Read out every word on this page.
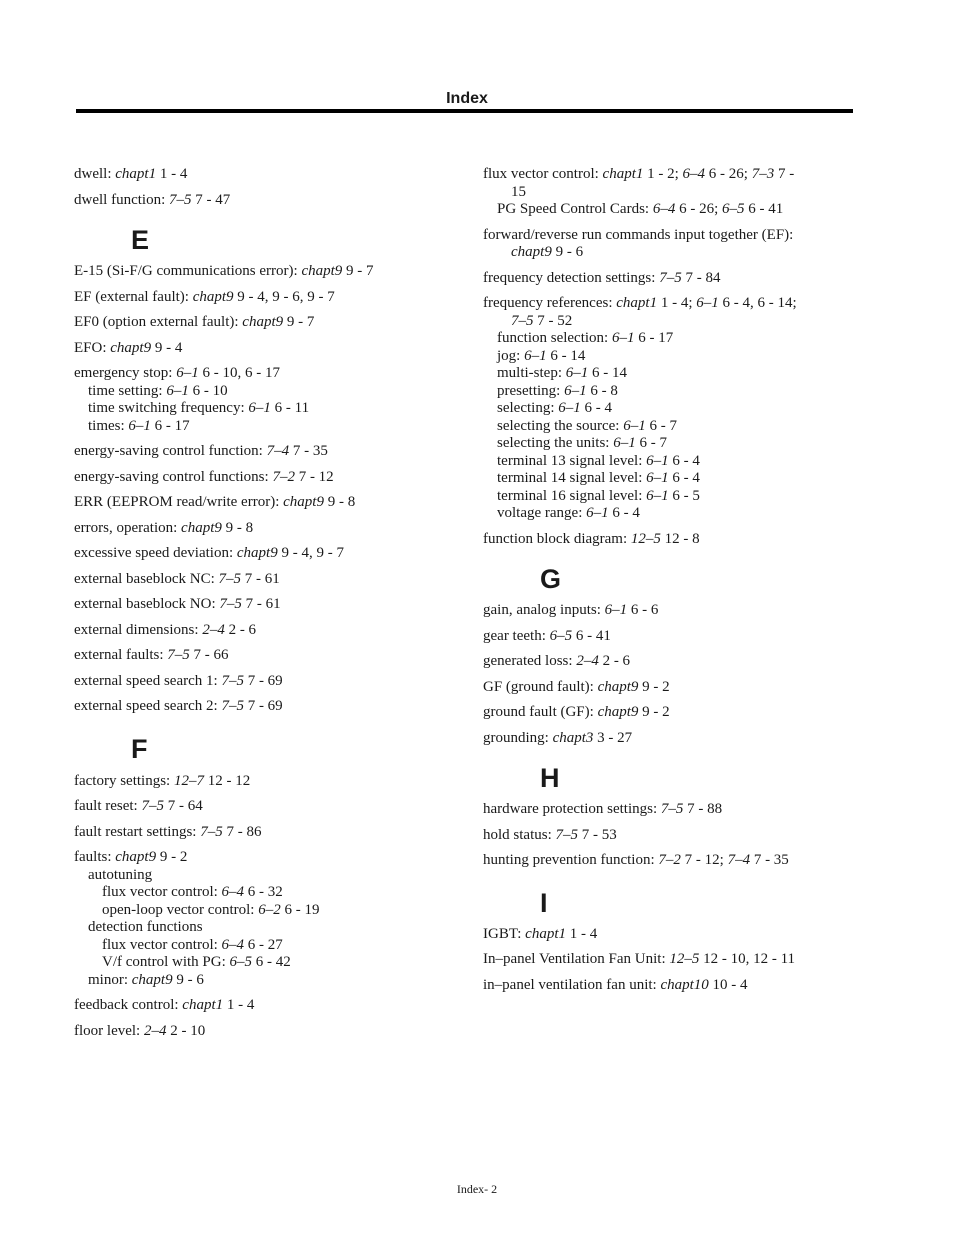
Index
dwell: chapt1 1 - 4
dwell function: 7–5 7 - 47
E
E-15 (Si-F/G communications error): chapt9 9 - 7
EF (external fault): chapt9 9 - 4, 9 - 6, 9 - 7
EF0 (option external fault): chapt9 9 - 7
EFO: chapt9 9 - 4
emergency stop: 6–1 6 - 10, 6 - 17
time setting: 6–1 6 - 10
time switching frequency: 6–1 6 - 11
times: 6–1 6 - 17
energy-saving control function: 7–4 7 - 35
energy-saving control functions: 7–2 7 - 12
ERR (EEPROM read/write error): chapt9 9 - 8
errors, operation: chapt9 9 - 8
excessive speed deviation: chapt9 9 - 4, 9 - 7
external baseblock NC: 7–5 7 - 61
external baseblock NO: 7–5 7 - 61
external dimensions: 2–4 2 - 6
external faults: 7–5 7 - 66
external speed search 1: 7–5 7 - 69
external speed search 2: 7–5 7 - 69
F
factory settings: 12–7 12 - 12
fault reset: 7–5 7 - 64
fault restart settings: 7–5 7 - 86
faults: chapt9 9 - 2
autotuning
flux vector control: 6–4 6 - 32
open-loop vector control: 6–2 6 - 19
detection functions
flux vector control: 6–4 6 - 27
V/f control with PG: 6–5 6 - 42
minor: chapt9 9 - 6
feedback control: chapt1 1 - 4
floor level: 2–4 2 - 10
flux vector control: chapt1 1 - 2; 6–4 6 - 26; 7–3 7 -
15
PG Speed Control Cards: 6–4 6 - 26; 6–5 6 - 41
forward/reverse run commands input together (EF):
chapt9 9 - 6
frequency detection settings: 7–5 7 - 84
frequency references: chapt1 1 - 4; 6–1 6 - 4, 6 - 14;
7–5 7 - 52
function selection: 6–1 6 - 17
jog: 6–1 6 - 14
multi-step: 6–1 6 - 14
presetting: 6–1 6 - 8
selecting: 6–1 6 - 4
selecting the source: 6–1 6 - 7
selecting the units: 6–1 6 - 7
terminal 13 signal level: 6–1 6 - 4
terminal 14 signal level: 6–1 6 - 4
terminal 16 signal level: 6–1 6 - 5
voltage range: 6–1 6 - 4
function block diagram: 12–5 12 - 8
G
gain, analog inputs: 6–1 6 - 6
gear teeth: 6–5 6 - 41
generated loss: 2–4 2 - 6
GF (ground fault): chapt9 9 - 2
ground fault (GF): chapt9 9 - 2
grounding: chapt3 3 - 27
H
hardware protection settings: 7–5 7 - 88
hold status: 7–5 7 - 53
hunting prevention function: 7–2 7 - 12; 7–4 7 - 35
I
IGBT: chapt1 1 - 4
In–panel Ventilation Fan Unit: 12–5 12 - 10, 12 - 11
in–panel ventilation fan unit: chapt10 10 - 4
Index- 2
